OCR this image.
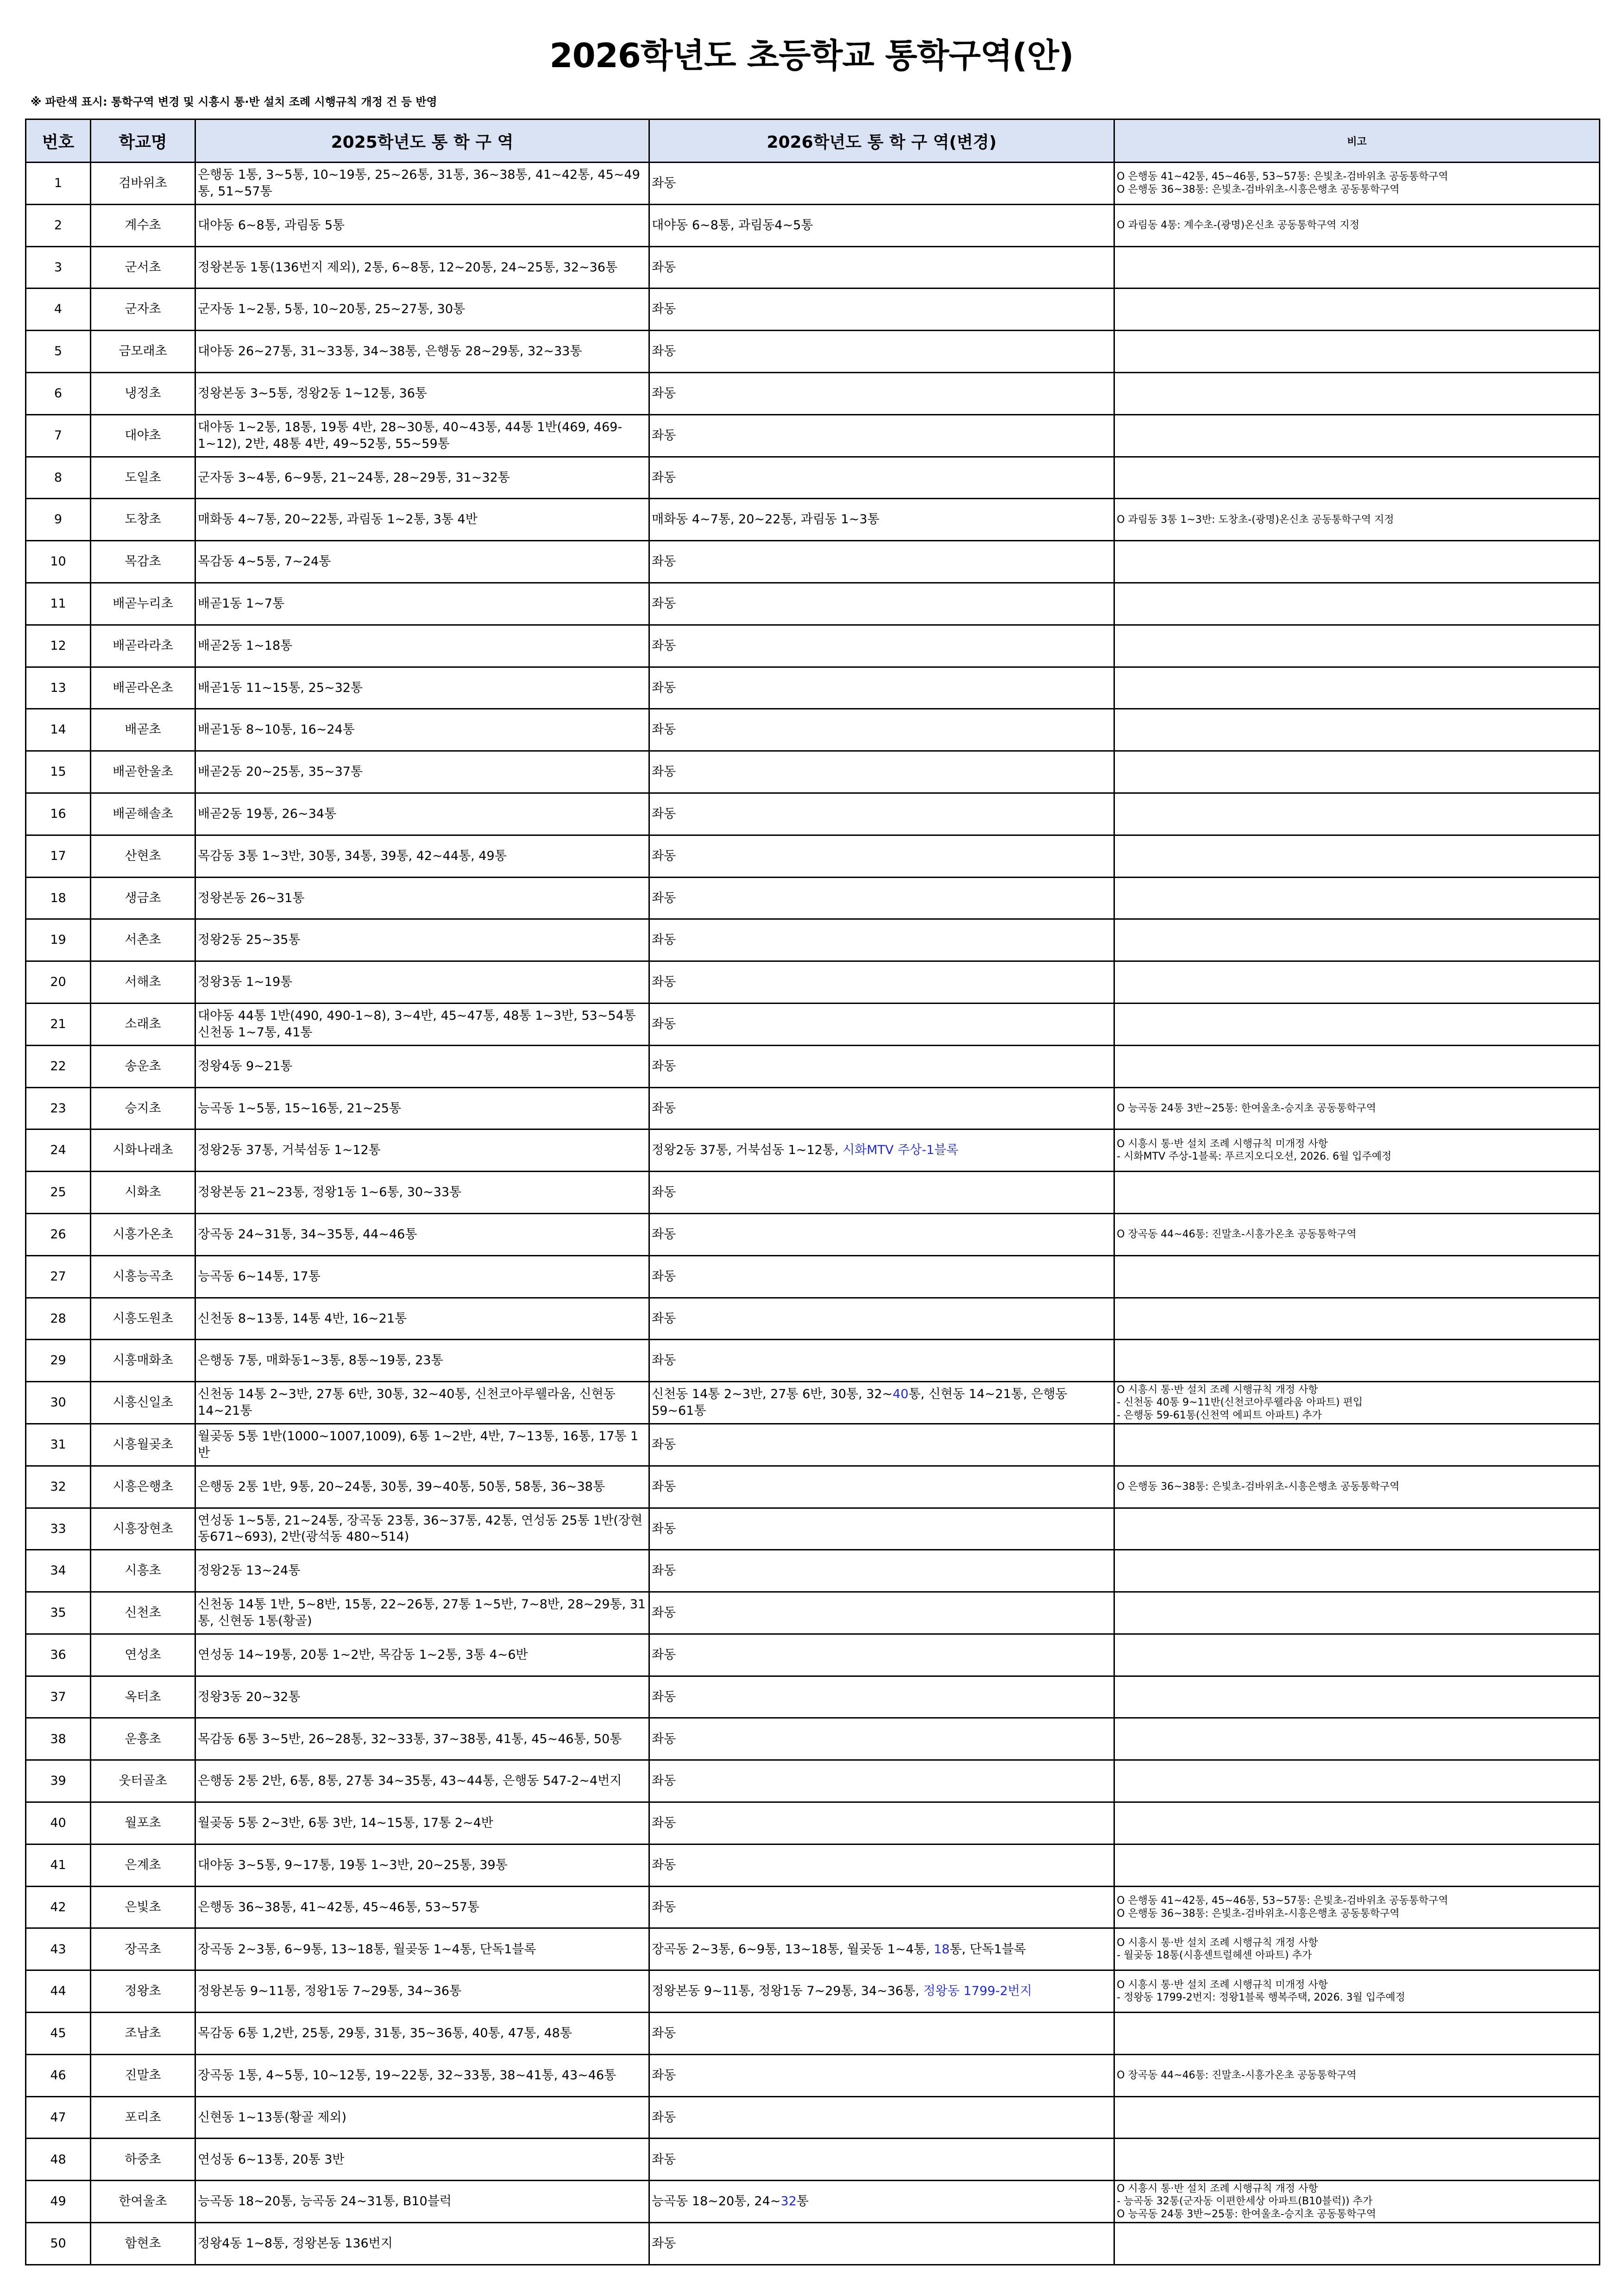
2026학년도 초등학교 통학구역(안)
※ 파란색 표시: 통학구역 변경 및 시흥시 통·반 설치 조례 시행규칙 개정 건 등 반영
번호	학교명	2025학년도 통 학 구 역	2026학년도 통 학 구 역(변경)	비고
1	검바위초	은행동 1통, 3~5통, 10~19통, 25~26통, 31통, 36~38통, 41~42통, 45~49통, 51~57통	좌동	O 은행동 41~42통, 45~46통, 53~57통: 은빛초-검바위초 공동통학구역
O 은행동 36~38통: 은빛초-검바위초-시흥은행초 공동통학구역
2	계수초	대야동 6~8통, 과림동 5통	대야동 6~8통, 과림동4~5통	O 과림동 4통: 계수초-(광명)온신초 공동통학구역 지정
3	군서초	정왕본동 1통(136번지 제외), 2통, 6~8통, 12~20통, 24~25통, 32~36통	좌동	
4	군자초	군자동 1~2통, 5통, 10~20통, 25~27통, 30통	좌동	
5	금모래초	대야동 26~27통, 31~33통, 34~38통, 은행동 28~29통, 32~33통	좌동	
6	냉정초	정왕본동 3~5통, 정왕2동 1~12통, 36통	좌동	
7	대야초	대야동 1~2통, 18통, 19통 4반, 28~30통, 40~43통, 44통 1반(469, 469-1~12), 2반, 48통 4반, 49~52통, 55~59통	좌동	
8	도일초	군자동 3~4통, 6~9통, 21~24통, 28~29통, 31~32통	좌동	
9	도창초	매화동 4~7통, 20~22통, 과림동 1~2통, 3통 4반	매화동 4~7통, 20~22통, 과림동 1~3통	O 과림동 3통 1~3반: 도창초-(광명)온신초 공동통학구역 지정
10	목감초	목감동 4~5통, 7~24통	좌동	
11	배곧누리초	배곧1동 1~7통	좌동	
12	배곧라라초	배곧2동 1~18통	좌동	
13	배곧라온초	배곧1동 11~15통, 25~32통	좌동	
14	배곧초	배곧1동 8~10통, 16~24통	좌동	
15	배곧한울초	배곧2동 20~25통, 35~37통	좌동	
16	배곧해솔초	배곧2동 19통, 26~34통	좌동	
17	산현초	목감동 3통 1~3반, 30통, 34통, 39통, 42~44통, 49통	좌동	
18	생금초	정왕본동 26~31통	좌동	
19	서촌초	정왕2동 25~35통	좌동	
20	서해초	정왕3동 1~19통	좌동	
21	소래초	대야동 44통 1반(490, 490-1~8), 3~4반, 45~47통, 48통 1~3반, 53~54통 신천동 1~7통, 41통	좌동	
22	송운초	정왕4동 9~21통	좌동	
23	승지초	능곡동 1~5통, 15~16통, 21~25통	좌동	O 능곡동 24통 3반~25통: 한여울초-승지초 공동통학구역
24	시화나래초	정왕2동 37통, 거북섬동 1~12통	정왕2동 37통, 거북섬동 1~12통, 시화MTV 주상-1블록	O 시흥시 통·반 설치 조례 시행규칙 미개정 사항
- 시화MTV 주상-1블록: 푸르지오디오션, 2026. 6월 입주예정
25	시화초	정왕본동 21~23통, 정왕1동 1~6통, 30~33통	좌동	
26	시흥가온초	장곡동 24~31통, 34~35통, 44~46통	좌동	O 장곡동 44~46통: 진말초-시흥가온초 공동통학구역
27	시흥능곡초	능곡동 6~14통, 17통	좌동	
28	시흥도원초	신천동 8~13통, 14통 4반, 16~21통	좌동	
29	시흥매화초	은행동 7통, 매화동1~3통, 8통~19통, 23통	좌동	
30	시흥신일초	신천동 14통 2~3반, 27통 6반, 30통, 32~40통, 신천코아루웰라움, 신현동 14~21통	신천동 14통 2~3반, 27통 6반, 30통, 32~40통, 신현동 14~21통, 은행동 59~61통	O 시흥시 통·반 설치 조례 시행규칙 개정 사항
- 신천동 40통 9~11반(신천코아루웰라움 아파트) 편입
- 은행동 59-61통(신천역 에피트 아파트) 추가
31	시흥월곶초	월곶동 5통 1반(1000~1007,1009), 6통 1~2반, 4반, 7~13통, 16통, 17통 1반	좌동	
32	시흥은행초	은행동 2통 1반, 9통, 20~24통, 30통, 39~40통, 50통, 58통, 36~38통	좌동	O 은행동 36~38통: 은빛초-검바위초-시흥은행초 공동통학구역
33	시흥장현초	연성동 1~5통, 21~24통, 장곡동 23통, 36~37통, 42통, 연성동 25통 1반(장현동671~693), 2반(광석동 480~514)	좌동	
34	시흥초	정왕2동 13~24통	좌동	
35	신천초	신천동 14통 1반, 5~8반, 15통, 22~26통, 27통 1~5반, 7~8반, 28~29통, 31통, 신현동 1통(황골)	좌동	
36	연성초	연성동 14~19통, 20통 1~2반, 목감동 1~2통, 3통 4~6반	좌동	
37	옥터초	정왕3동 20~32통	좌동	
38	운흥초	목감동 6통 3~5반, 26~28통, 32~33통, 37~38통, 41통, 45~46통, 50통	좌동	
39	웃터골초	은행동 2통 2반, 6통, 8통, 27통 34~35통, 43~44통, 은행동 547-2~4번지	좌동	
40	월포초	월곶동 5통 2~3반, 6통 3반, 14~15통, 17통 2~4반	좌동	
41	은계초	대야동 3~5통, 9~17통, 19통 1~3반, 20~25통, 39통	좌동	
42	은빛초	은행동 36~38통, 41~42통, 45~46통, 53~57통	좌동	O 은행동 41~42통, 45~46통, 53~57통: 은빛초-검바위초 공동통학구역
O 은행동 36~38통: 은빛초-검바위초-시흥은행초 공동통학구역
43	장곡초	장곡동 2~3통, 6~9통, 13~18통, 월곶동 1~4통, 단독1블록	장곡동 2~3통, 6~9통, 13~18통, 월곶동 1~4통, 18통, 단독1블록	O 시흥시 통·반 설치 조례 시행규칙 개정 사항
- 월곶동 18통(시흥센트럴헤센 아파트) 추가
44	정왕초	정왕본동 9~11통, 정왕1동 7~29통, 34~36통	정왕본동 9~11통, 정왕1동 7~29통, 34~36통, 정왕동 1799-2번지	O 시흥시 통·반 설치 조례 시행규칙 미개정 사항
- 정왕동 1799-2번지: 정왕1블록 행복주택, 2026. 3월 입주예정
45	조남초	목감동 6통 1,2반, 25통, 29통, 31통, 35~36통, 40통, 47통, 48통	좌동	
46	진말초	장곡동 1통, 4~5통, 10~12통, 19~22통, 32~33통, 38~41통, 43~46통	좌동	O 장곡동 44~46통: 진말초-시흥가온초 공동통학구역
47	포리초	신현동 1~13통(황골 제외)	좌동	
48	하중초	연성동 6~13통, 20통 3반	좌동	
49	한여울초	능곡동 18~20통, 능곡동 24~31통, B10블럭	능곡동 18~20통, 24~32통	O 시흥시 통·반 설치 조례 시행규칙 개정 사항
- 능곡동 32통(군자동 이편한세상 아파트(B10블럭)) 추가
O 능곡동 24통 3반~25통: 한여울초-승지초 공동통학구역
50	함현초	정왕4동 1~8통, 정왕본동 136번지	좌동	
